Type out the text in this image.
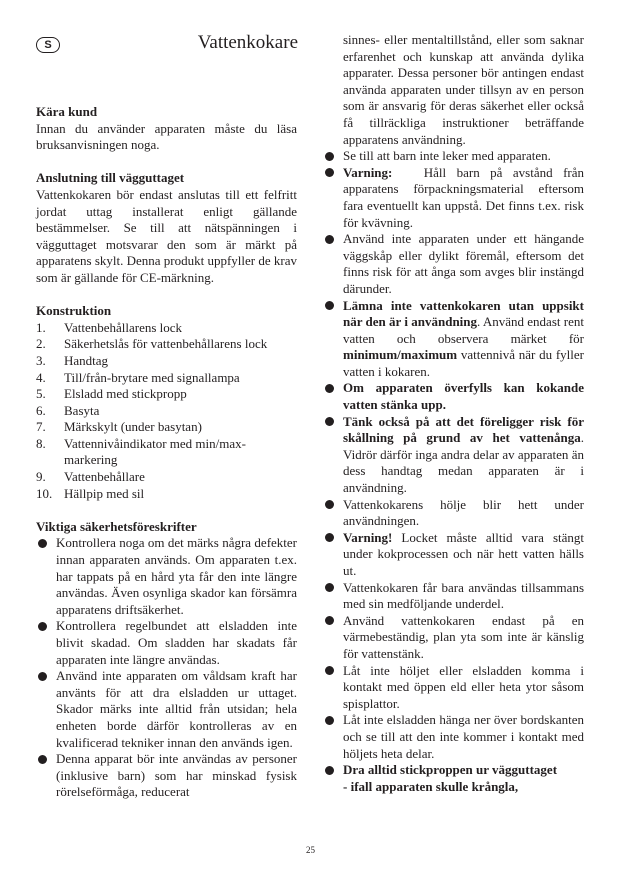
S	Vattenkokare

Kära kund

Innan du använder apparaten måste du läsa bruksanvisningen noga.

Anslutning till vägguttaget

Vattenkokaren bör endast anslutas till ett felfritt jordat uttag installerat enligt gällande bestämmelser. Se till att nätspänningen i vägguttaget motsvarar den som är märkt på apparatens skylt. Denna produkt uppfyller de krav som är gällande för CE-märkning.

Konstruktion

1. Vattenbehållarens lock
2. Säkerhetslås för vattenbehållarens lock
3. Handtag
4. Till/från-brytare med signallampa
5. Elsladd med stickpropp
6. Basyta
7. Märkskylt (under basytan)
8. Vattennivåindikator med min/max-markering
9. Vattenbehållare
10. Hällpip med sil

Viktiga säkerhetsföreskrifter

Kontrollera noga om det märks några defekter innan apparaten används. Om apparaten t.ex. har tappats på en hård yta får den inte längre användas. Även osynliga skador kan försämra apparatens driftsäkerhet.
Kontrollera regelbundet att elsladden inte blivit skadad. Om sladden har skadats får apparaten inte längre användas.
Använd inte apparaten om våldsam kraft har använts för att dra elsladden ur uttaget. Skador märks inte alltid från utsidan; hela enheten borde därför kontrolleras av en kvalificerad tekniker innan den används igen.
Denna apparat bör inte användas av personer (inklusive barn) som har minskad fysisk rörelseförmåga, reducerat

sinnes- eller mentaltillstånd, eller som saknar erfarenhet och kunskap att använda dylika apparater. Dessa personer bör antingen endast använda apparaten under tillsyn av en person som är ansvarig för deras säkerhet eller också få tillräckliga instruktioner beträffande apparatens användning.

Se till att barn inte leker med apparaten.
Varning: Håll barn på avstånd från apparatens förpackningsmaterial eftersom fara eventuellt kan uppstå. Det finns t.ex. risk för kvävning.
Använd inte apparaten under ett hängande väggskåp eller dylikt föremål, eftersom det finns risk för att ånga som avges blir instängd därunder.
Lämna inte vattenkokaren utan uppsikt när den är i användning. Använd endast rent vatten och observera märket för minimum/maximum vattennivå när du fyller vatten i kokaren.
Om apparaten överfylls kan kokande vatten stänka upp.
Tänk också på att det föreligger risk för skållning på grund av het vattenånga. Vidrör därför inga andra delar av apparaten än dess handtag medan apparaten är i användning.
Vattenkokarens hölje blir hett under användningen.
Varning! Locket måste alltid vara stängt under kokprocessen och när hett vatten hälls ut.
Vattenkokaren får bara användas tillsammans med sin medföljande underdel.
Använd vattenkokaren endast på en värmebeständig, plan yta som inte är känslig för vattenstänk.
Låt inte höljet eller elsladden komma i kontakt med öppen eld eller heta ytor såsom spisplattor.
Låt inte elsladden hänga ner över bordskanten och se till att den inte kommer i kontakt med höljets heta delar.
Dra alltid stickproppen ur vägguttaget

- ifall apparaten skulle krångla,

25
